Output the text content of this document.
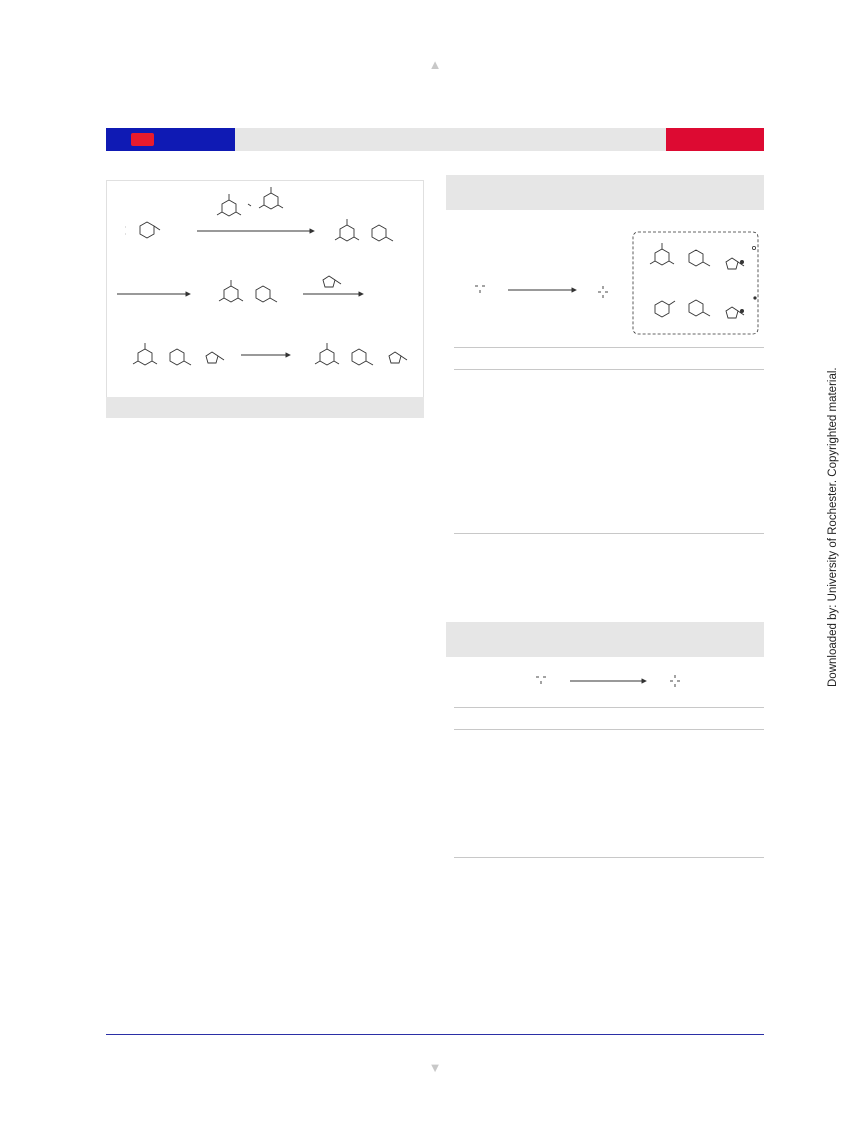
▲
▼
:
:
Downloaded by: University of Rochester. Copyrighted material.
